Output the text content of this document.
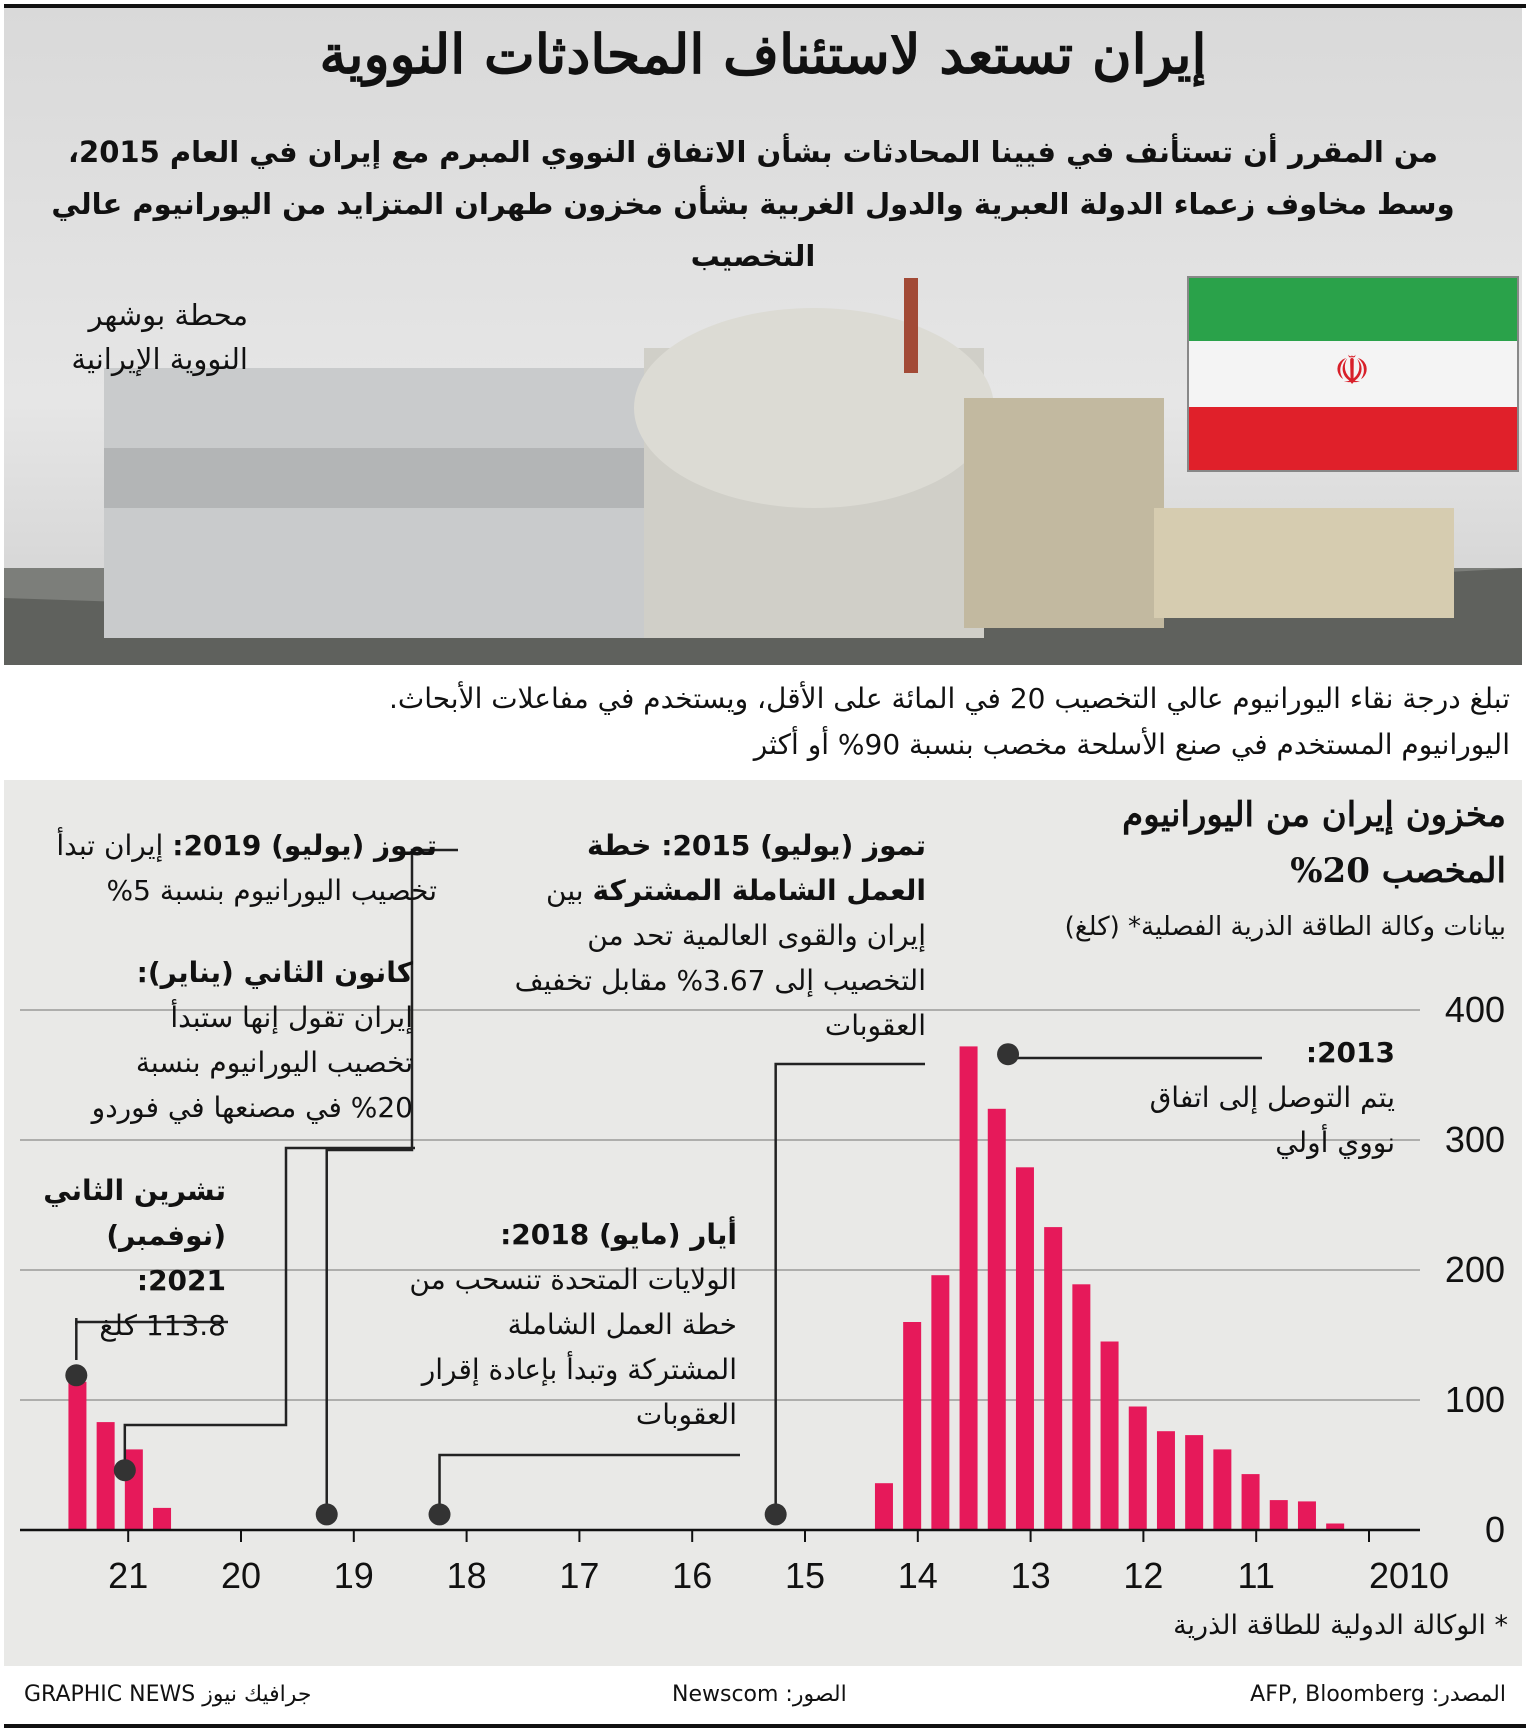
إيران تستعد لاستئناف المحادثات النووية
من المقرر أن تستأنف في فيينا المحادثات بشأن الاتفاق النووي المبرم مع إيران في العام 2015، وسط مخاوف زعماء الدولة العبرية والدول الغربية بشأن مخزون طهران المتزايد من اليورانيوم عالي التخصيب
محطة بوشهر النووية الإيرانية	☫
تبلغ درجة نقاء اليورانيوم عالي التخصيب 20 في المائة على الأقل، ويستخدم في مفاعلات الأبحاث.
اليورانيوم المستخدم في صنع الأسلحة مخصب بنسبة 90% أو أكثر
0
100
200
300
400
2010
11
12
13
14
15
16
17
18
19
20
21
مخزون إيران من اليورانيوم المخصب 20%
بيانات وكالة الطاقة الذرية الفصلية* (كلغ)
2013:
يتم التوصل إلى اتفاق نووي أولي
تموز (يوليو) 2015: خطة العمل الشاملة المشتركة بين إيران والقوى العالمية تحد من التخصيب إلى 3.67% مقابل تخفيف العقوبات
أيار (مايو) 2018:
الولايات المتحدة تنسحب من خطة العمل الشاملة المشتركة وتبدأ بإعادة إقرار العقوبات
تموز (يوليو) 2019: إيران تبدأ تخصيب اليورانيوم بنسبة 5%
كانون الثاني (يناير): إيران تقول إنها ستبدأ تخصيب اليورانيوم بنسبة 20% في مصنعها في فوردو
تشرين الثاني (نوفمبر) 2021:
113.8 كلغ
* الوكالة الدولية للطاقة الذرية
المصدر: AFP, Bloomberg
الصور: Newscom
GRAPHIC NEWS جرافيك نيوز
